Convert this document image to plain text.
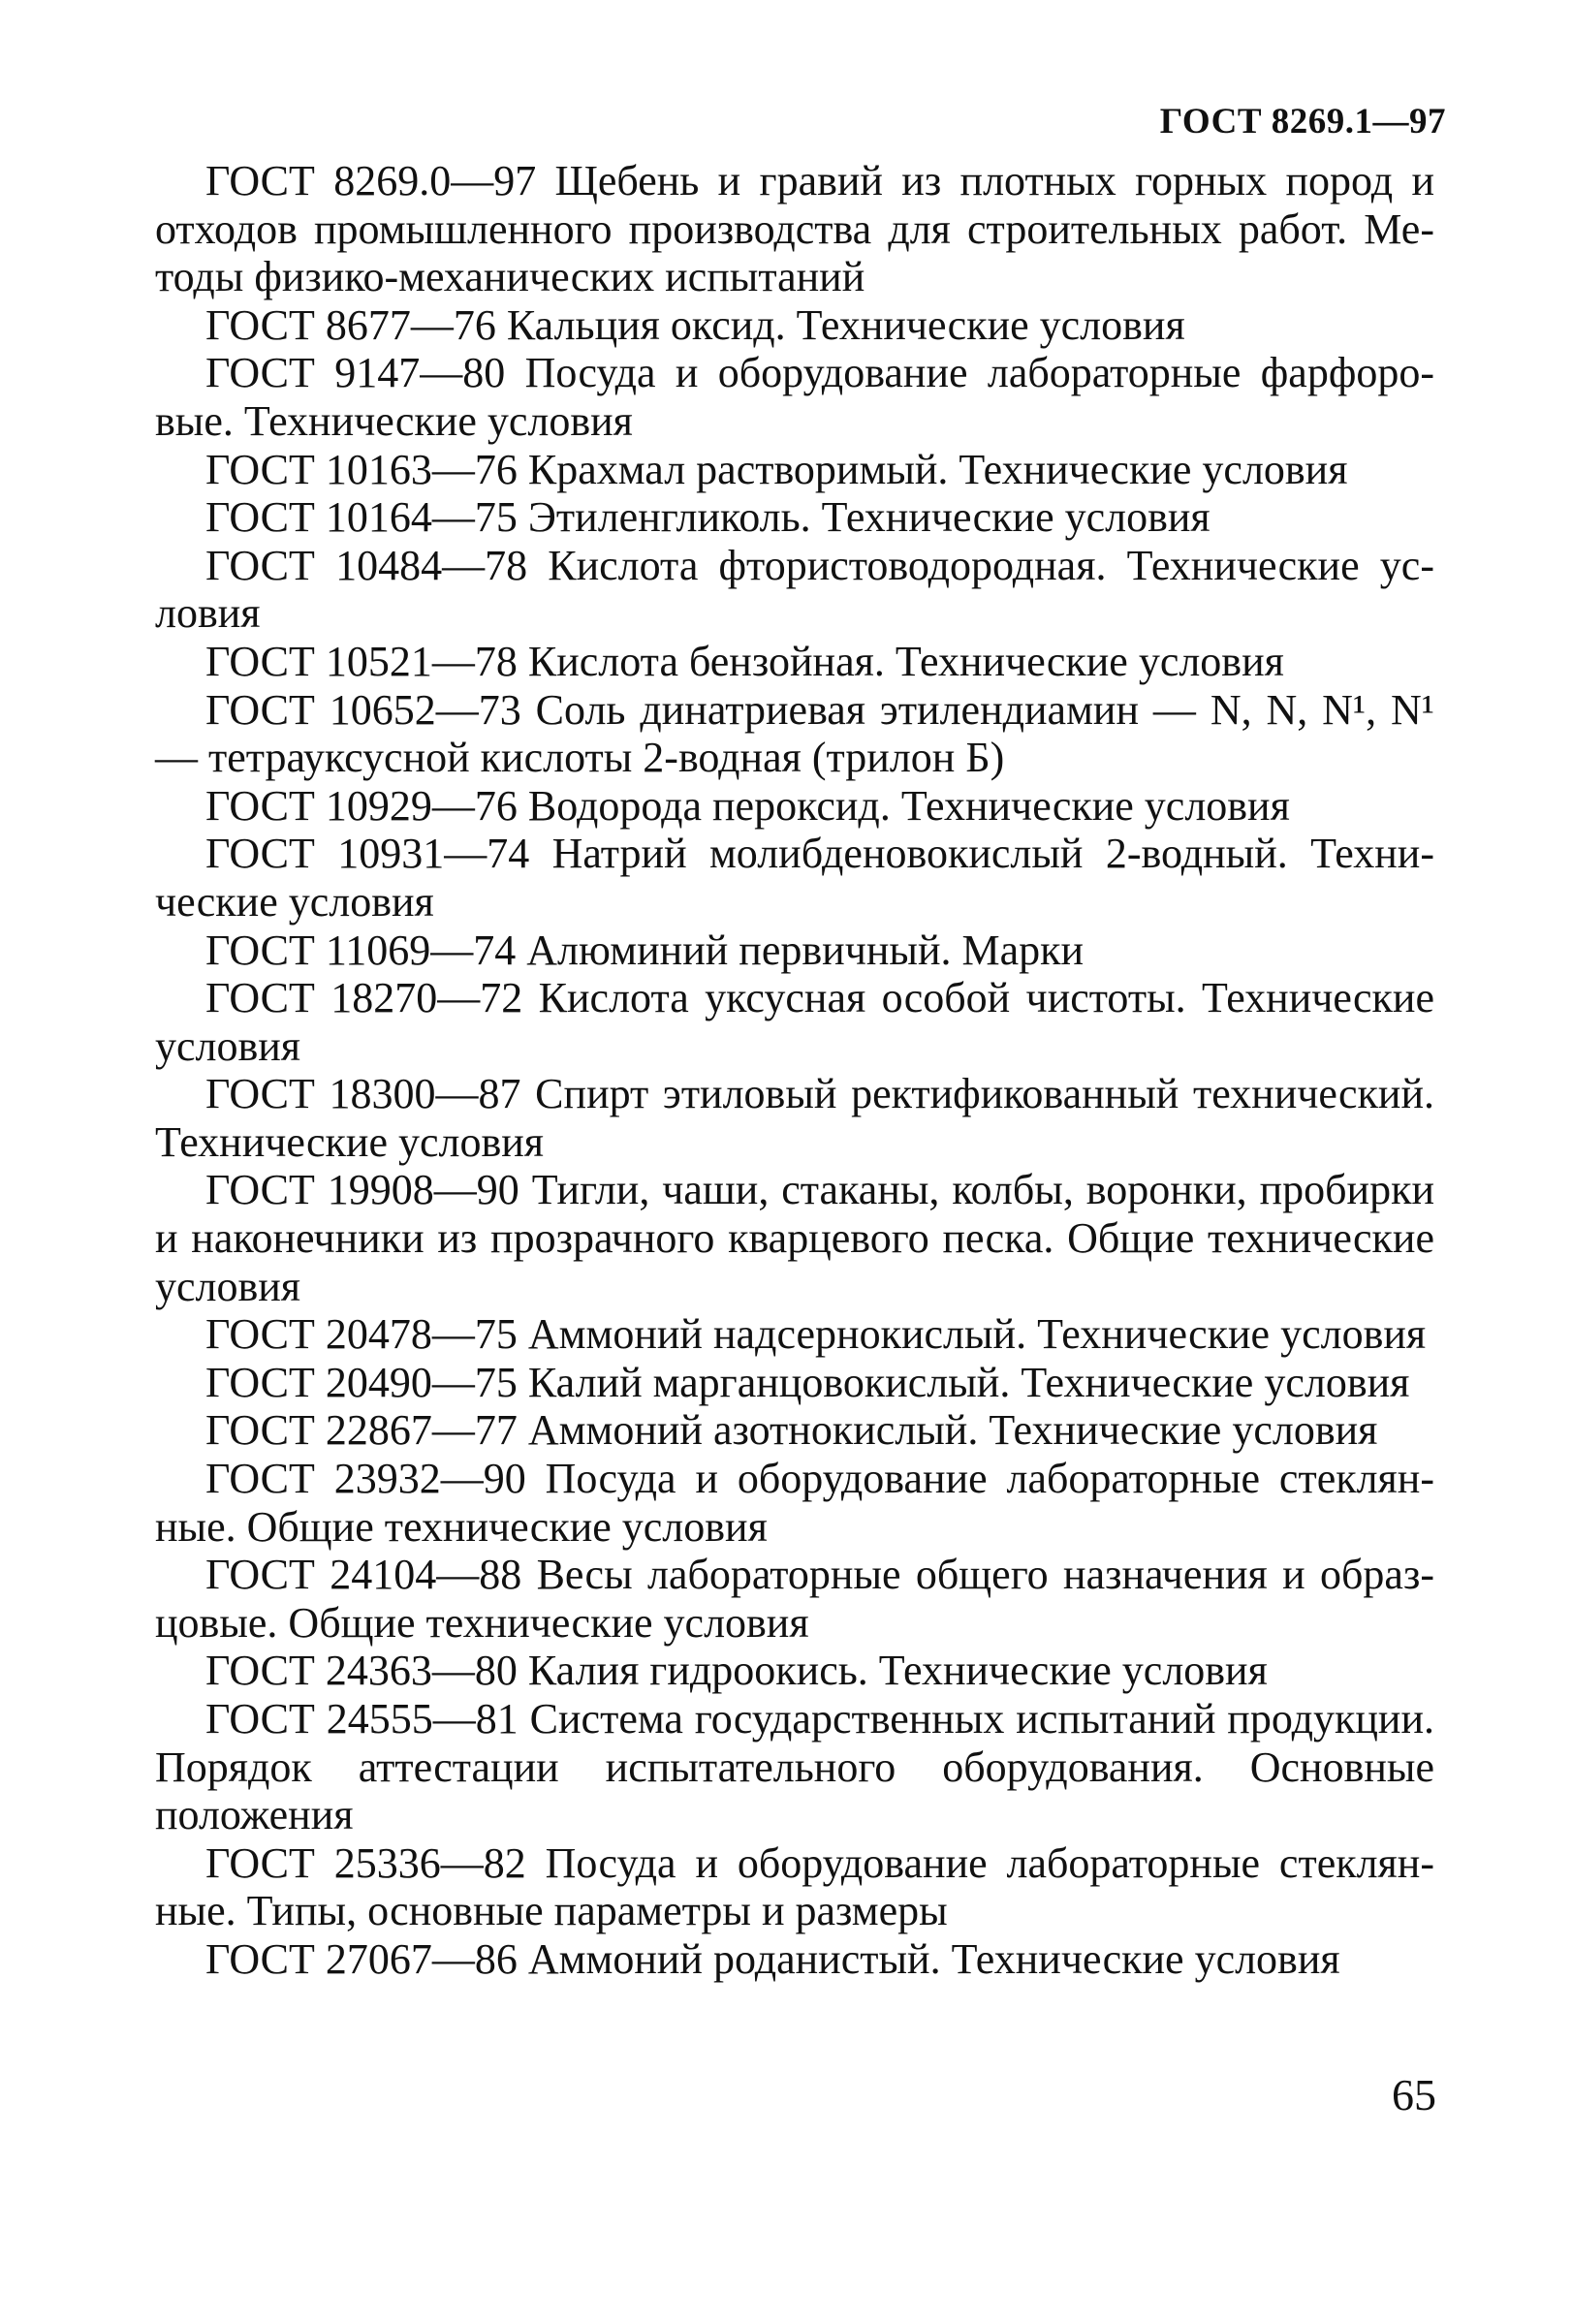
ГОСТ 8269.1—97

ГОСТ 8269.0—97 Щебень и гравий из плотных горных пород и отходов промышленного производства для строительных работ. Методы физико-механических испытаний

ГОСТ 8677—76 Кальция оксид. Технические условия

ГОСТ 9147—80 Посуда и оборудование лабораторные фарфоровые. Технические условия

ГОСТ 10163—76 Крахмал растворимый. Технические условия

ГОСТ 10164—75 Этиленгликоль. Технические условия

ГОСТ 10484—78 Кислота фтористоводородная. Технические условия

ГОСТ 10521—78 Кислота бензойная. Технические условия

ГОСТ 10652—73 Соль динатриевая этилендиамин — N, N, N¹, N¹ — тетрауксусной кислоты 2-водная (трилон Б)

ГОСТ 10929—76 Водорода пероксид. Технические условия

ГОСТ 10931—74 Натрий молибденовокислый 2-водный. Технические условия

ГОСТ 11069—74 Алюминий первичный. Марки

ГОСТ 18270—72 Кислота уксусная особой чистоты. Технические условия

ГОСТ 18300—87 Спирт этиловый ректификованный технический. Технические условия

ГОСТ 19908—90 Тигли, чаши, стаканы, колбы, воронки, пробирки и наконечники из прозрачного кварцевого песка. Общие технические условия

ГОСТ 20478—75 Аммоний надсернокислый. Технические условия

ГОСТ 20490—75 Калий марганцовокислый. Технические условия

ГОСТ 22867—77 Аммоний азотнокислый. Технические условия

ГОСТ 23932—90 Посуда и оборудование лабораторные стеклянные. Общие технические условия

ГОСТ 24104—88 Весы лабораторные общего назначения и образцовые. Общие технические условия

ГОСТ 24363—80 Калия гидроокись. Технические условия

ГОСТ 24555—81 Система государственных испытаний продукции. Порядок аттестации испытательного оборудования. Основные положения

ГОСТ 25336—82 Посуда и оборудование лабораторные стеклянные. Типы, основные параметры и размеры

ГОСТ 27067—86 Аммоний роданистый. Технические условия

65
